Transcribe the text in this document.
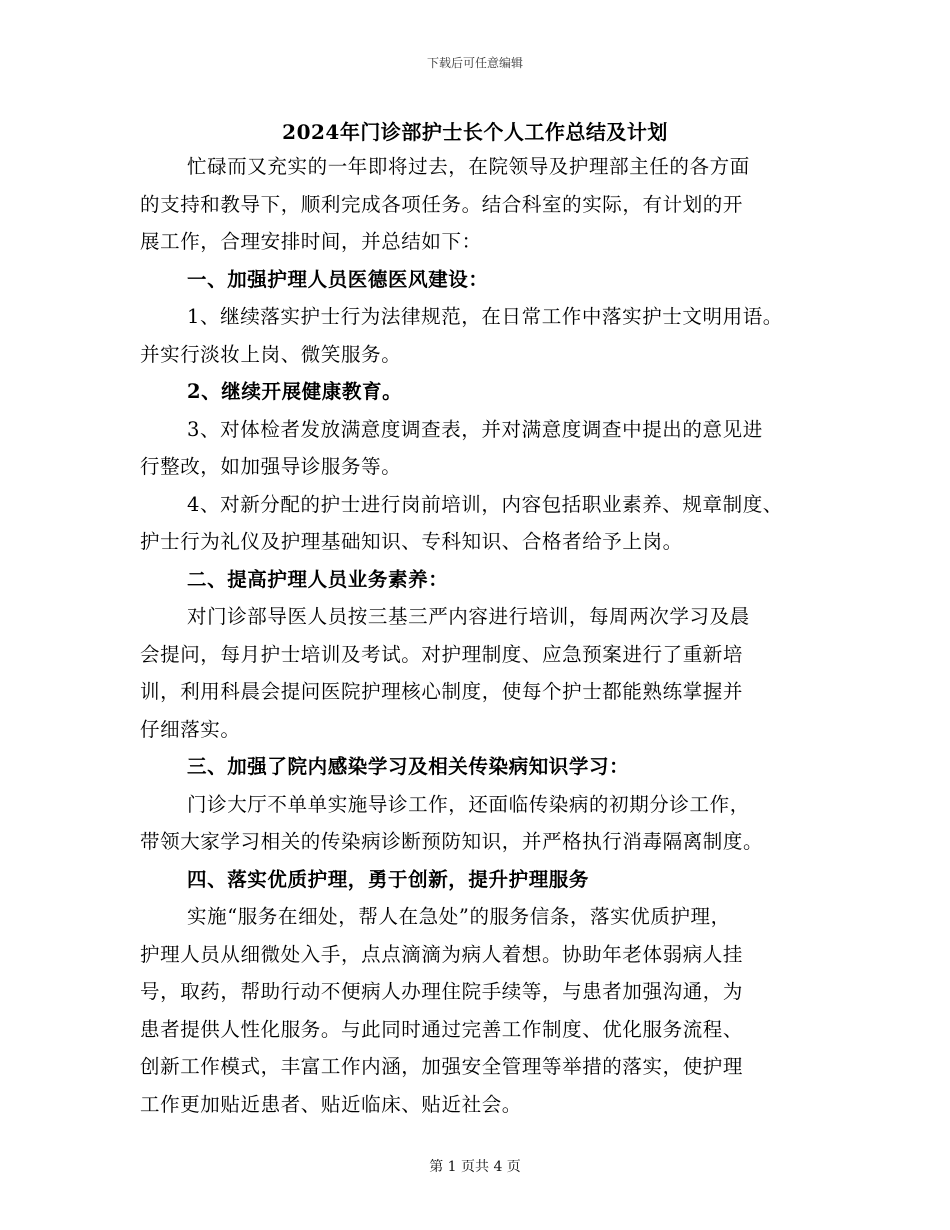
下载后可任意编辑
2024年门诊部护士长个人工作总结及计划
忙碌而又充实的一年即将过去，在院领导及护理部主任的各方面
的支持和教导下，顺利完成各项任务。结合科室的实际，有计划的开
展工作，合理安排时间，并总结如下：
一、加强护理人员医德医风建设：
1、继续落实护士行为法律规范，在日常工作中落实护士文明用语。
并实行淡妆上岗、微笑服务。
2、继续开展健康教育。
3、对体检者发放满意度调查表，并对满意度调查中提出的意见进
行整改，如加强导诊服务等。
4、对新分配的护士进行岗前培训，内容包括职业素养、规章制度、
护士行为礼仪及护理基础知识、专科知识、合格者给予上岗。
二、提高护理人员业务素养：
对门诊部导医人员按三基三严内容进行培训，每周两次学习及晨
会提问，每月护士培训及考试。对护理制度、应急预案进行了重新培
训，利用科晨会提问医院护理核心制度，使每个护士都能熟练掌握并
仔细落实。
三、加强了院内感染学习及相关传染病知识学习：
门诊大厅不单单实施导诊工作，还面临传染病的初期分诊工作，
带领大家学习相关的传染病诊断预防知识，并严格执行消毒隔离制度。
四、落实优质护理，勇于创新，提升护理服务
实施“服务在细处，帮人在急处”的服务信条，落实优质护理，
护理人员从细微处入手，点点滴滴为病人着想。协助年老体弱病人挂
号，取药，帮助行动不便病人办理住院手续等，与患者加强沟通，为
患者提供人性化服务。与此同时通过完善工作制度、优化服务流程、
创新工作模式，丰富工作内涵，加强安全管理等举措的落实，使护理
工作更加贴近患者、贴近临床、贴近社会。
第 1 页共 4 页
